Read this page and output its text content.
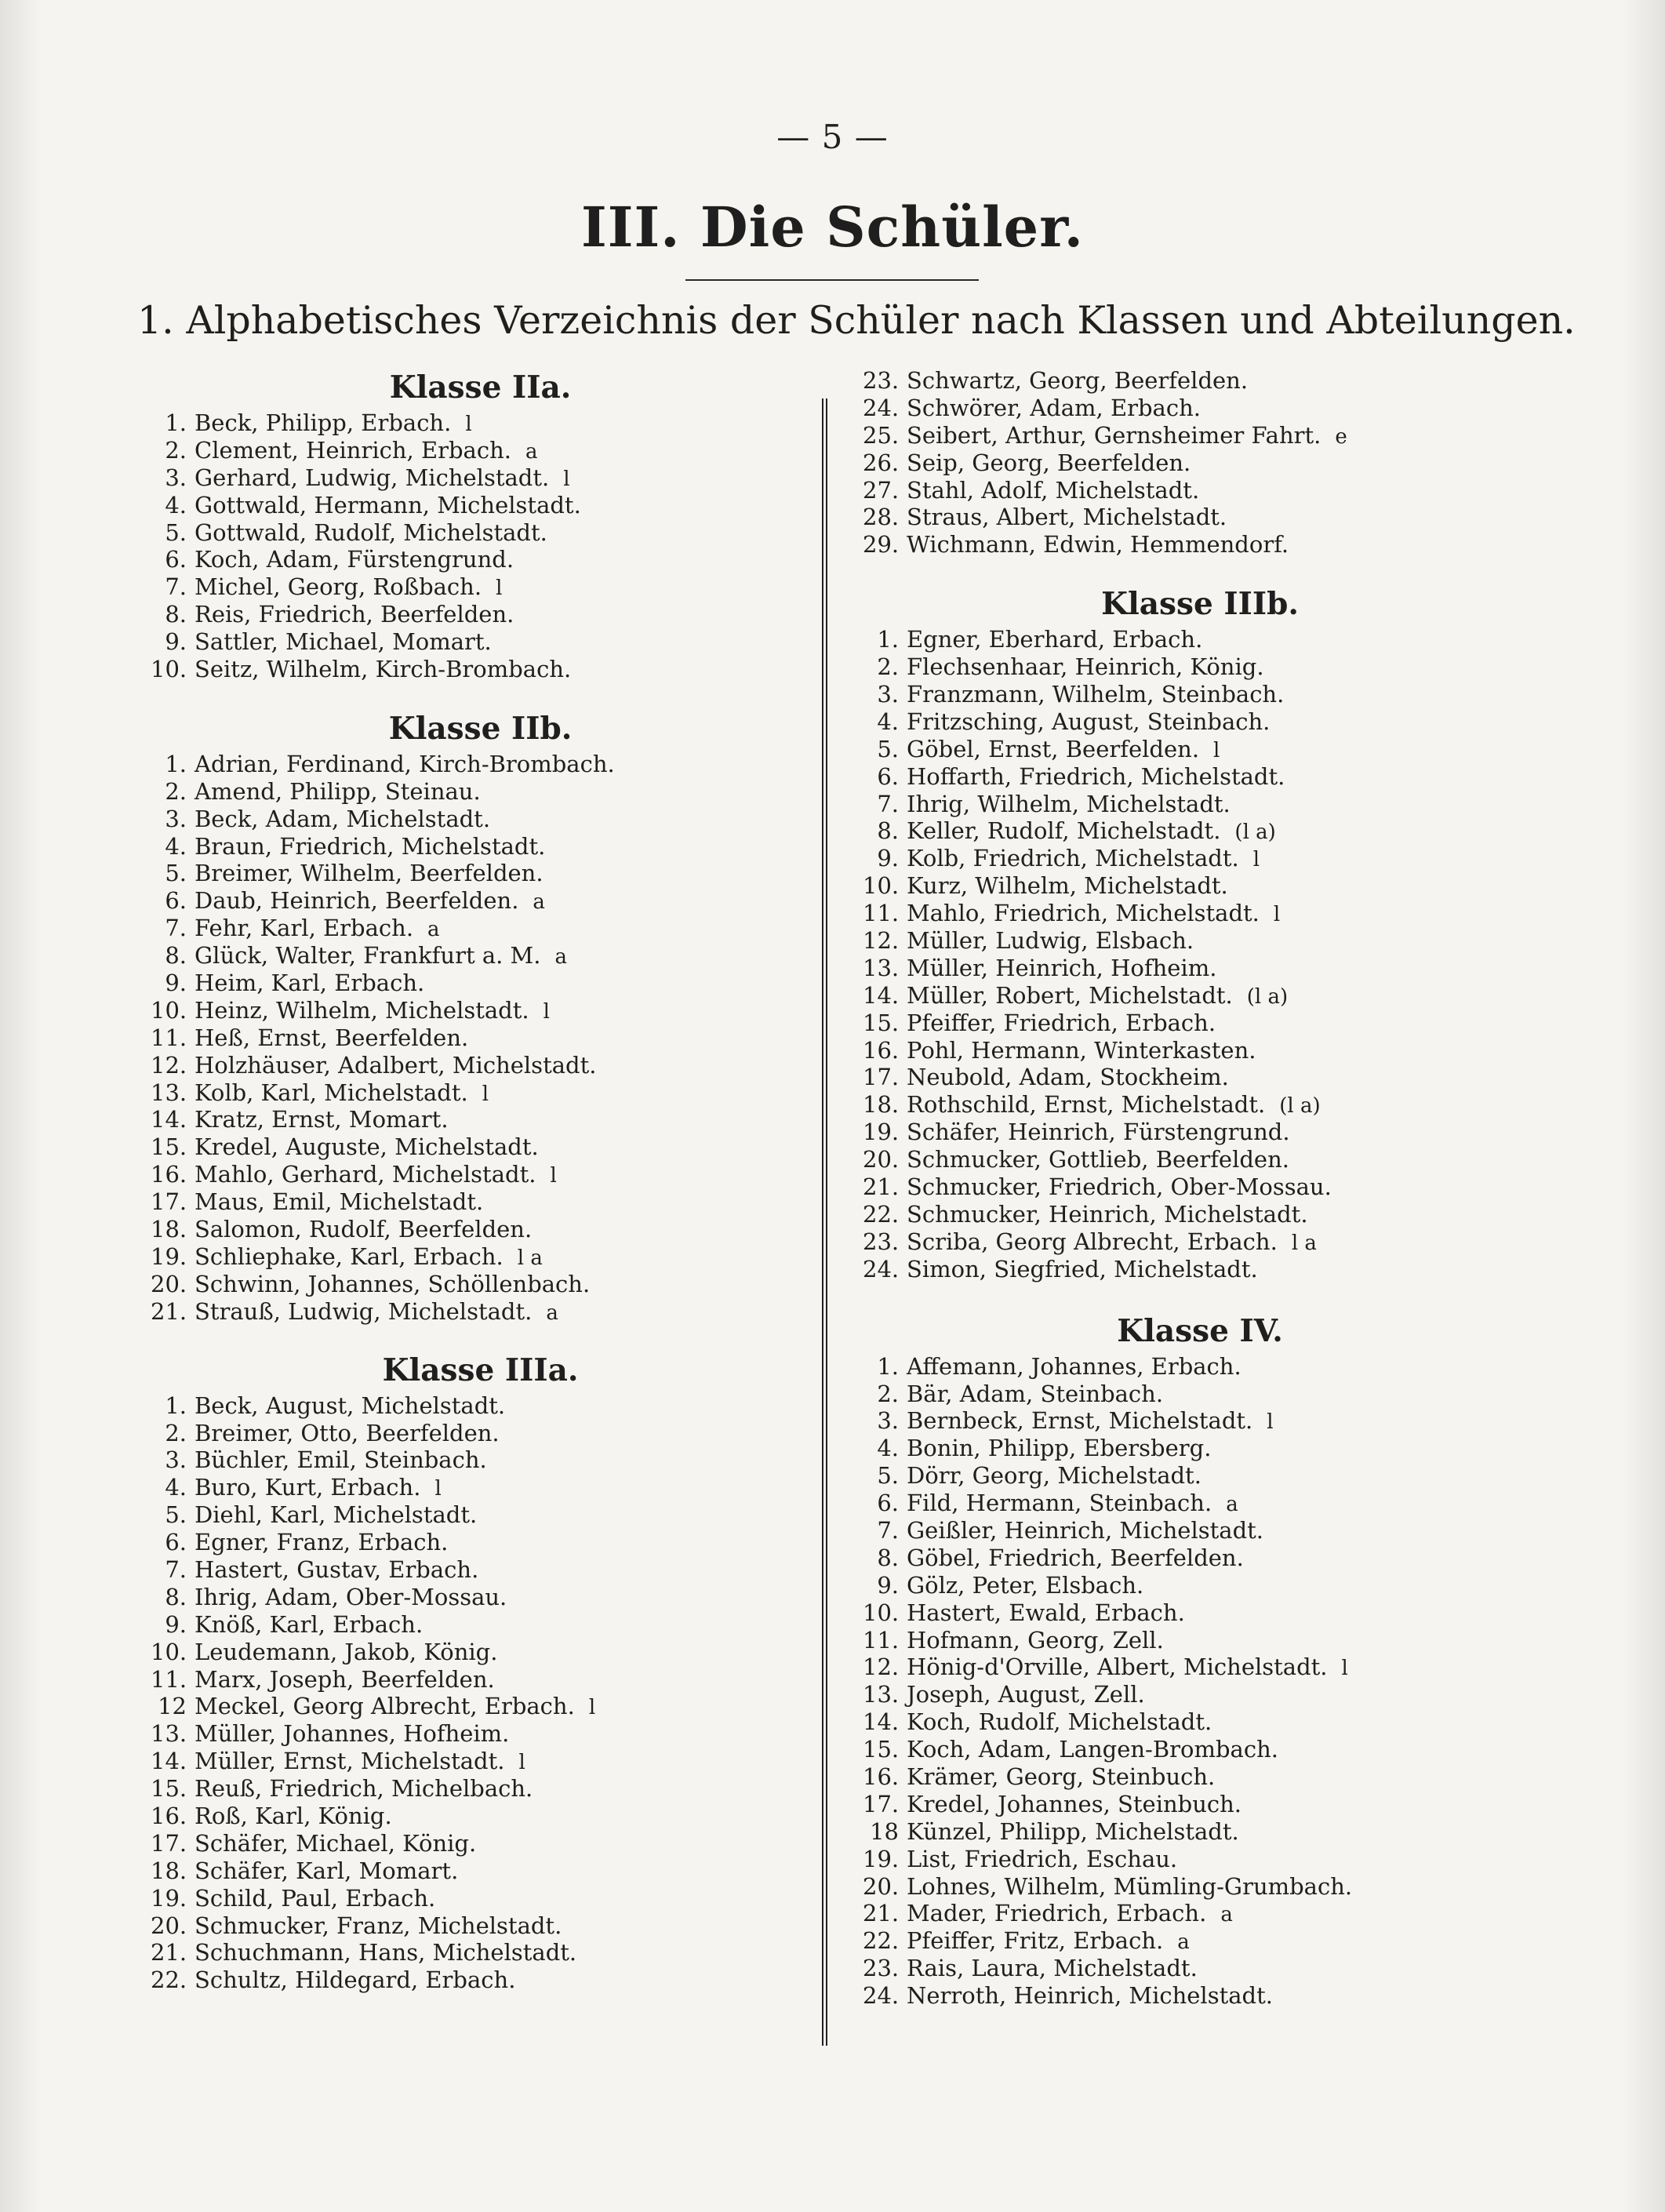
— 5 —
III. Die Schüler.
1. Alphabetisches Verzeichnis der Schüler nach Klassen und Abteilungen.
Klasse IIa.
1. Beck, Philipp, Erbach. l
2. Clement, Heinrich, Erbach. a
3. Gerhard, Ludwig, Michelstadt. l
4. Gottwald, Hermann, Michelstadt.
5. Gottwald, Rudolf, Michelstadt.
6. Koch, Adam, Fürstengrund.
7. Michel, Georg, Roßbach. l
8. Reis, Friedrich, Beerfelden.
9. Sattler, Michael, Momart.
10. Seitz, Wilhelm, Kirch-Brombach.
Klasse IIb.
1. Adrian, Ferdinand, Kirch-Brombach.
2. Amend, Philipp, Steinau.
3. Beck, Adam, Michelstadt.
4. Braun, Friedrich, Michelstadt.
5. Breimer, Wilhelm, Beerfelden.
6. Daub, Heinrich, Beerfelden. a
7. Fehr, Karl, Erbach. a
8. Glück, Walter, Frankfurt a. M. a
9. Heim, Karl, Erbach.
10. Heinz, Wilhelm, Michelstadt. l
11. Heß, Ernst, Beerfelden.
12. Holzhäuser, Adalbert, Michelstadt.
13. Kolb, Karl, Michelstadt. l
14. Kratz, Ernst, Momart.
15. Kredel, Auguste, Michelstadt.
16. Mahlo, Gerhard, Michelstadt. l
17. Maus, Emil, Michelstadt.
18. Salomon, Rudolf, Beerfelden.
19. Schliephake, Karl, Erbach. l a
20. Schwinn, Johannes, Schöllenbach.
21. Strauß, Ludwig, Michelstadt. a
Klasse IIIa.
1. Beck, August, Michelstadt.
2. Breimer, Otto, Beerfelden.
3. Büchler, Emil, Steinbach.
4. Buro, Kurt, Erbach. l
5. Diehl, Karl, Michelstadt.
6. Egner, Franz, Erbach.
7. Hastert, Gustav, Erbach.
8. Ihrig, Adam, Ober-Mossau.
9. Knöß, Karl, Erbach.
10. Leudemann, Jakob, König.
11. Marx, Joseph, Beerfelden.
12 Meckel, Georg Albrecht, Erbach. l
13. Müller, Johannes, Hofheim.
14. Müller, Ernst, Michelstadt. l
15. Reuß, Friedrich, Michelbach.
16. Roß, Karl, König.
17. Schäfer, Michael, König.
18. Schäfer, Karl, Momart.
19. Schild, Paul, Erbach.
20. Schmucker, Franz, Michelstadt.
21. Schuchmann, Hans, Michelstadt.
22. Schultz, Hildegard, Erbach.
23. Schwartz, Georg, Beerfelden.
24. Schwörer, Adam, Erbach.
25. Seibert, Arthur, Gernsheimer Fahrt. e
26. Seip, Georg, Beerfelden.
27. Stahl, Adolf, Michelstadt.
28. Straus, Albert, Michelstadt.
29. Wichmann, Edwin, Hemmendorf.
Klasse IIIb.
1. Egner, Eberhard, Erbach.
2. Flechsenhaar, Heinrich, König.
3. Franzmann, Wilhelm, Steinbach.
4. Fritzsching, August, Steinbach.
5. Göbel, Ernst, Beerfelden. l
6. Hoffarth, Friedrich, Michelstadt.
7. Ihrig, Wilhelm, Michelstadt.
8. Keller, Rudolf, Michelstadt. (l a)
9. Kolb, Friedrich, Michelstadt. l
10. Kurz, Wilhelm, Michelstadt.
11. Mahlo, Friedrich, Michelstadt. l
12. Müller, Ludwig, Elsbach.
13. Müller, Heinrich, Hofheim.
14. Müller, Robert, Michelstadt. (l a)
15. Pfeiffer, Friedrich, Erbach.
16. Pohl, Hermann, Winterkasten.
17. Neubold, Adam, Stockheim.
18. Rothschild, Ernst, Michelstadt. (l a)
19. Schäfer, Heinrich, Fürstengrund.
20. Schmucker, Gottlieb, Beerfelden.
21. Schmucker, Friedrich, Ober-Mossau.
22. Schmucker, Heinrich, Michelstadt.
23. Scriba, Georg Albrecht, Erbach. l a
24. Simon, Siegfried, Michelstadt.
Klasse IV.
1. Affemann, Johannes, Erbach.
2. Bär, Adam, Steinbach.
3. Bernbeck, Ernst, Michelstadt. l
4. Bonin, Philipp, Ebersberg.
5. Dörr, Georg, Michelstadt.
6. Fild, Hermann, Steinbach. a
7. Geißler, Heinrich, Michelstadt.
8. Göbel, Friedrich, Beerfelden.
9. Gölz, Peter, Elsbach.
10. Hastert, Ewald, Erbach.
11. Hofmann, Georg, Zell.
12. Hönig-d'Orville, Albert, Michelstadt. l
13. Joseph, August, Zell.
14. Koch, Rudolf, Michelstadt.
15. Koch, Adam, Langen-Brombach.
16. Krämer, Georg, Steinbuch.
17. Kredel, Johannes, Steinbuch.
18 Künzel, Philipp, Michelstadt.
19. List, Friedrich, Eschau.
20. Lohnes, Wilhelm, Mümling-Grumbach.
21. Mader, Friedrich, Erbach. a
22. Pfeiffer, Fritz, Erbach. a
23. Rais, Laura, Michelstadt.
24. Nerroth, Heinrich, Michelstadt.
